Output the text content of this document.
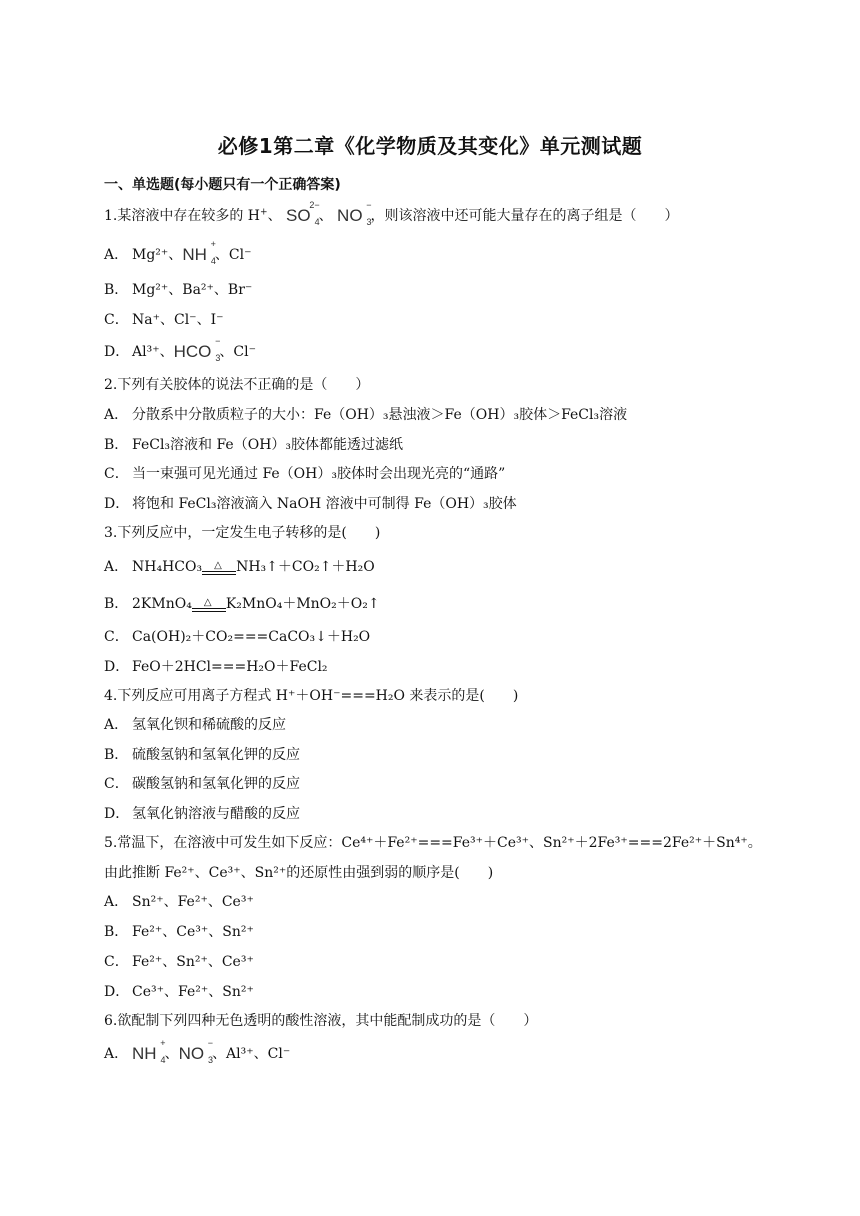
必修1第二章《化学物质及其变化》单元测试题
一、单选题(每小题只有一个正确答案)
1.某溶液中存在较多的 H+、 SO
2−
4 、 NO
−
3 ，则该溶液中还可能大量存在的离子组是（　　）
A． Mg²⁺、NH
+
4 、Cl⁻
B． Mg²⁺、Ba²⁺、Br⁻
C． Na⁺、Cl⁻、I⁻
D． Al³⁺、HCO
−
3 、Cl⁻
2.下列有关胶体的说法不正确的是（　　）
A． 分散系中分散质粒子的大小：Fe（OH）₃悬浊液＞Fe（OH）₃胶体＞FeCl₃溶液
B． FeCl₃溶液和 Fe（OH）₃胶体都能透过滤纸
C． 当一束强可见光通过 Fe（OH）₃胶体时会出现光亮的“通路”
D． 将饱和 FeCl₃溶液滴入 NaOH 溶液中可制得 Fe（OH）₃胶体
3.下列反应中，一定发生电子转移的是(　　)
A． NH₄HCO₃ △ NH₃↑＋CO₂↑＋H₂O
B． 2KMnO₄ △ K₂MnO₄＋MnO₂＋O₂↑
C． Ca(OH)₂＋CO₂===CaCO₃↓＋H₂O
D． FeO＋2HCl===H₂O＋FeCl₂
4.下列反应可用离子方程式 H⁺＋OH⁻===H₂O 来表示的是(　　)
A． 氢氧化钡和稀硫酸的反应
B． 硫酸氢钠和氢氧化钾的反应
C． 碳酸氢钠和氢氧化钾的反应
D． 氢氧化钠溶液与醋酸的反应
5.常温下，在溶液中可发生如下反应：Ce⁴⁺＋Fe²⁺===Fe³⁺＋Ce³⁺、Sn²⁺＋2Fe³⁺===2Fe²⁺＋Sn⁴⁺。
由此推断 Fe²⁺、Ce³⁺、Sn²⁺的还原性由强到弱的顺序是(　　)
A． Sn²⁺、Fe²⁺、Ce³⁺
B． Fe²⁺、Ce³⁺、Sn²⁺
C． Fe²⁺、Sn²⁺、Ce³⁺
D． Ce³⁺、Fe²⁺、Sn²⁺
6.欲配制下列四种无色透明的酸性溶液，其中能配制成功的是（　　）
A． NH
+
4 、NO
−
3 、Al³⁺、Cl⁻
